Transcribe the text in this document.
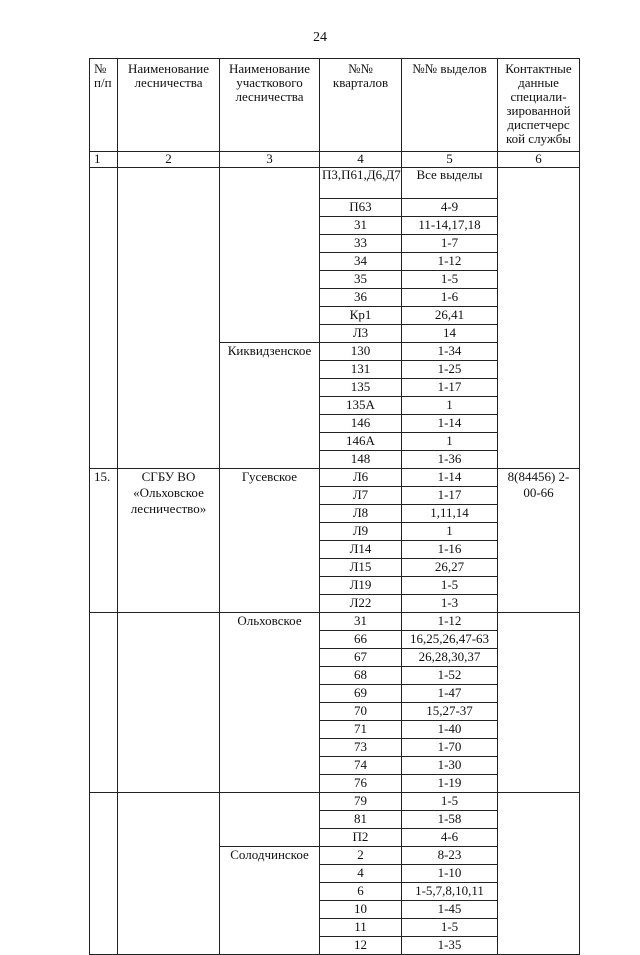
24
№ п/п	Наименование лесничества	Наименование участкового лесничества	№№ кварталов	№№ выделов	Контактные данные специали-зированной диспетчерс кой службы
1	2	3	4	5	6
			П3,П61,Д6,Д7	Все выделы	
			П63	4-9	
			31	11-14,17,18	
			33	1-7	
			34	1-12	
			35	1-5	
			36	1-6	
			Кр1	26,41	
			Л3	14	
		Киквидзенское	130	1-34	
			131	1-25	
			135	1-17	
			135А	1	
			146	1-14	
			146А	1	
			148	1-36	
15.	СГБУ ВО «Ольховское лесничество»	Гусевское	Л6	1-14	8(84456) 2-00-66
			Л7	1-17	
			Л8	1,11,14	
			Л9	1	
			Л14	1-16	
			Л15	26,27	
			Л19	1-5	
			Л22	1-3	
		Ольховское	31	1-12	
			66	16,25,26,47-63	
			67	26,28,30,37	
			68	1-52	
			69	1-47	
			70	15,27-37	
			71	1-40	
			73	1-70	
			74	1-30	
			76	1-19	
			79	1-5	
			81	1-58	
			П2	4-6	
		Солодчинское	2	8-23	
			4	1-10	
			6	1-5,7,8,10,11	
			10	1-45	
			11	1-5	
			12	1-35	
